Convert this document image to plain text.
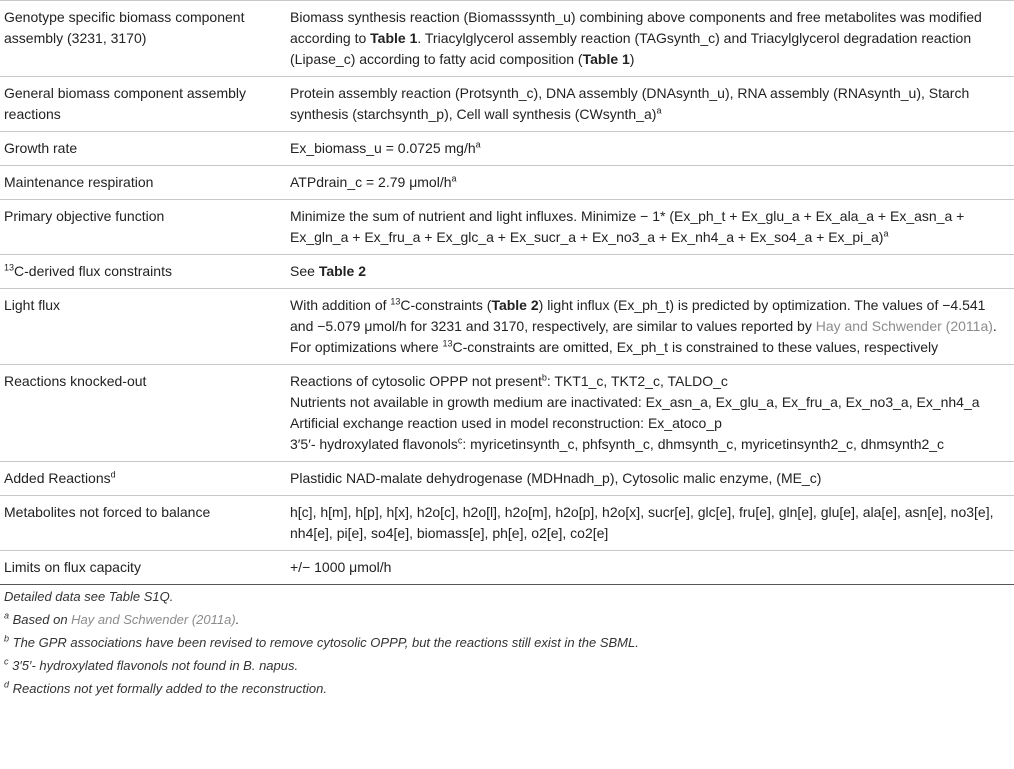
Genotype specific biomass component assembly (3231, 3170)	Biomass synthesis reaction (Biomasssynth_u) combining above components and free metabolites was modified according to Table 1. Triacylglycerol assembly reaction (TAGsynth_c) and Triacylglycerol degradation reaction (Lipase_c) according to fatty acid composition (Table 1)
General biomass component assembly reactions	Protein assembly reaction (Protsynth_c), DNA assembly (DNAsynth_u), RNA assembly (RNAsynth_u), Starch synthesis (starchsynth_p), Cell wall synthesis (CWsynth_a)$^a$
Growth rate	Ex_biomass_u = 0.0725 $mg/h^a$
Maintenance respiration	ATPdrain_c = 2.79 μmol/$h^a$
Primary objective function	Minimize the sum of nutrient and light influxes. Minimize − 1* (Ex_ph_t + Ex_glu_a + Ex_ala_a + Ex_asn_a + Ex_gln_a + Ex_fru_a + Ex_glc_a + Ex_sucr_a + Ex_no3_a + Ex_nh4_a + Ex_so4_a + Ex_pi_a)$^a$
$^{13}$C-derived flux constraints	See Table 2
Light flux	With addition of $^{13}$C-constraints (Table 2) light influx (Ex_ph_t) is predicted by optimization. The values of −4.541 and −5.079 μmol/h for 3231 and 3170, respectively, are similar to values reported by Hay and Schwender (2011a). For optimizations where $^{13}$C-constraints are omitted, Ex_ph_t is constrained to these values, respectively
Reactions knocked-out	Reactions of cytosolic OPPP not present$^b$: TKT1_c, TKT2_c, TALDO_c
Nutrients not available in growth medium are inactivated: Ex_asn_a, Ex_glu_a, Ex_fru_a, Ex_no3_a, Ex_nh4_a
Artificial exchange reaction used in model reconstruction: Ex_atoco_p
3′5′- hydroxylated flavonols$^c$: myricetinsynth_c, phfsynth_c, dhmsynth_c, myricetinsynth2_c, dhmsynth2_c

Added Reactions$^d$	Plastidic NAD-malate dehydrogenase (MDHnadh_p), Cytosolic malic enzyme, (ME_c)
Metabolites not forced to balance	h[c], h[m], h[p], h[x], h2o[c], h2o[l], h2o[m], h2o[p], h2o[x], sucr[e], glc[e], fru[e], gln[e], glu[e], ala[e], asn[e], no3[e], nh4[e], pi[e], so4[e], biomass[e], ph[e], o2[e], co2[e]
Limits on flux capacity	+/− 1000 μmol/h
Detailed data see Table S1Q.
$^a$ Based on Hay and Schwender (2011a).
$^b$ The GPR associations have been revised to remove cytosolic OPPP, but the reactions still exist in the SBML.
$^c$ 3′5′- hydroxylated flavonols not found in B. napus.
$^d$ Reactions not yet formally added to the reconstruction.
